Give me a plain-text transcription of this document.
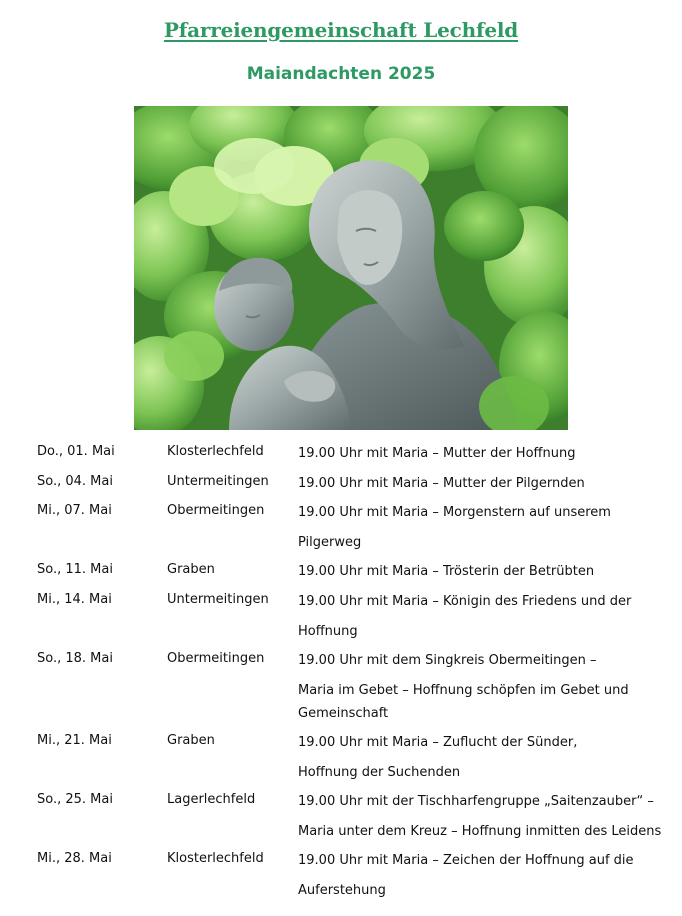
Pfarreiengemeinschaft Lechfeld
Maiandachten 2025
Do., 01. Mai	Klosterlechfeld	19.00 Uhr mit Maria – Mutter der Hoffnung
So., 04. Mai	Untermeitingen 19.00 Uhr mit Maria – Mutter der Pilgernden
Mi., 07. Mai	Obermeitingen	19.00 Uhr mit Maria – Morgenstern auf unserem
Pilgerweg
So., 11. Mai	Graben	19.00 Uhr mit Maria – Trösterin der Betrübten
Mi., 14. Mai	Untermeitingen 19.00 Uhr mit Maria – Königin des Friedens und der
Hoffnung
So., 18. Mai	Obermeitingen	19.00 Uhr mit dem Singkreis Obermeitingen –
Maria im Gebet – Hoffnung schöpfen im Gebet und
Gemeinschaft
Mi., 21. Mai	Graben	19.00 Uhr mit Maria – Zuflucht der Sünder,
Hoffnung der Suchenden
So., 25. Mai	Lagerlechfeld	19.00 Uhr mit der Tischharfengruppe „Saitenzauber“ –
Maria unter dem Kreuz – Hoffnung inmitten des Leidens
Mi., 28. Mai	Klosterlechfeld	19.00 Uhr mit Maria – Zeichen der Hoffnung auf die
Auferstehung
